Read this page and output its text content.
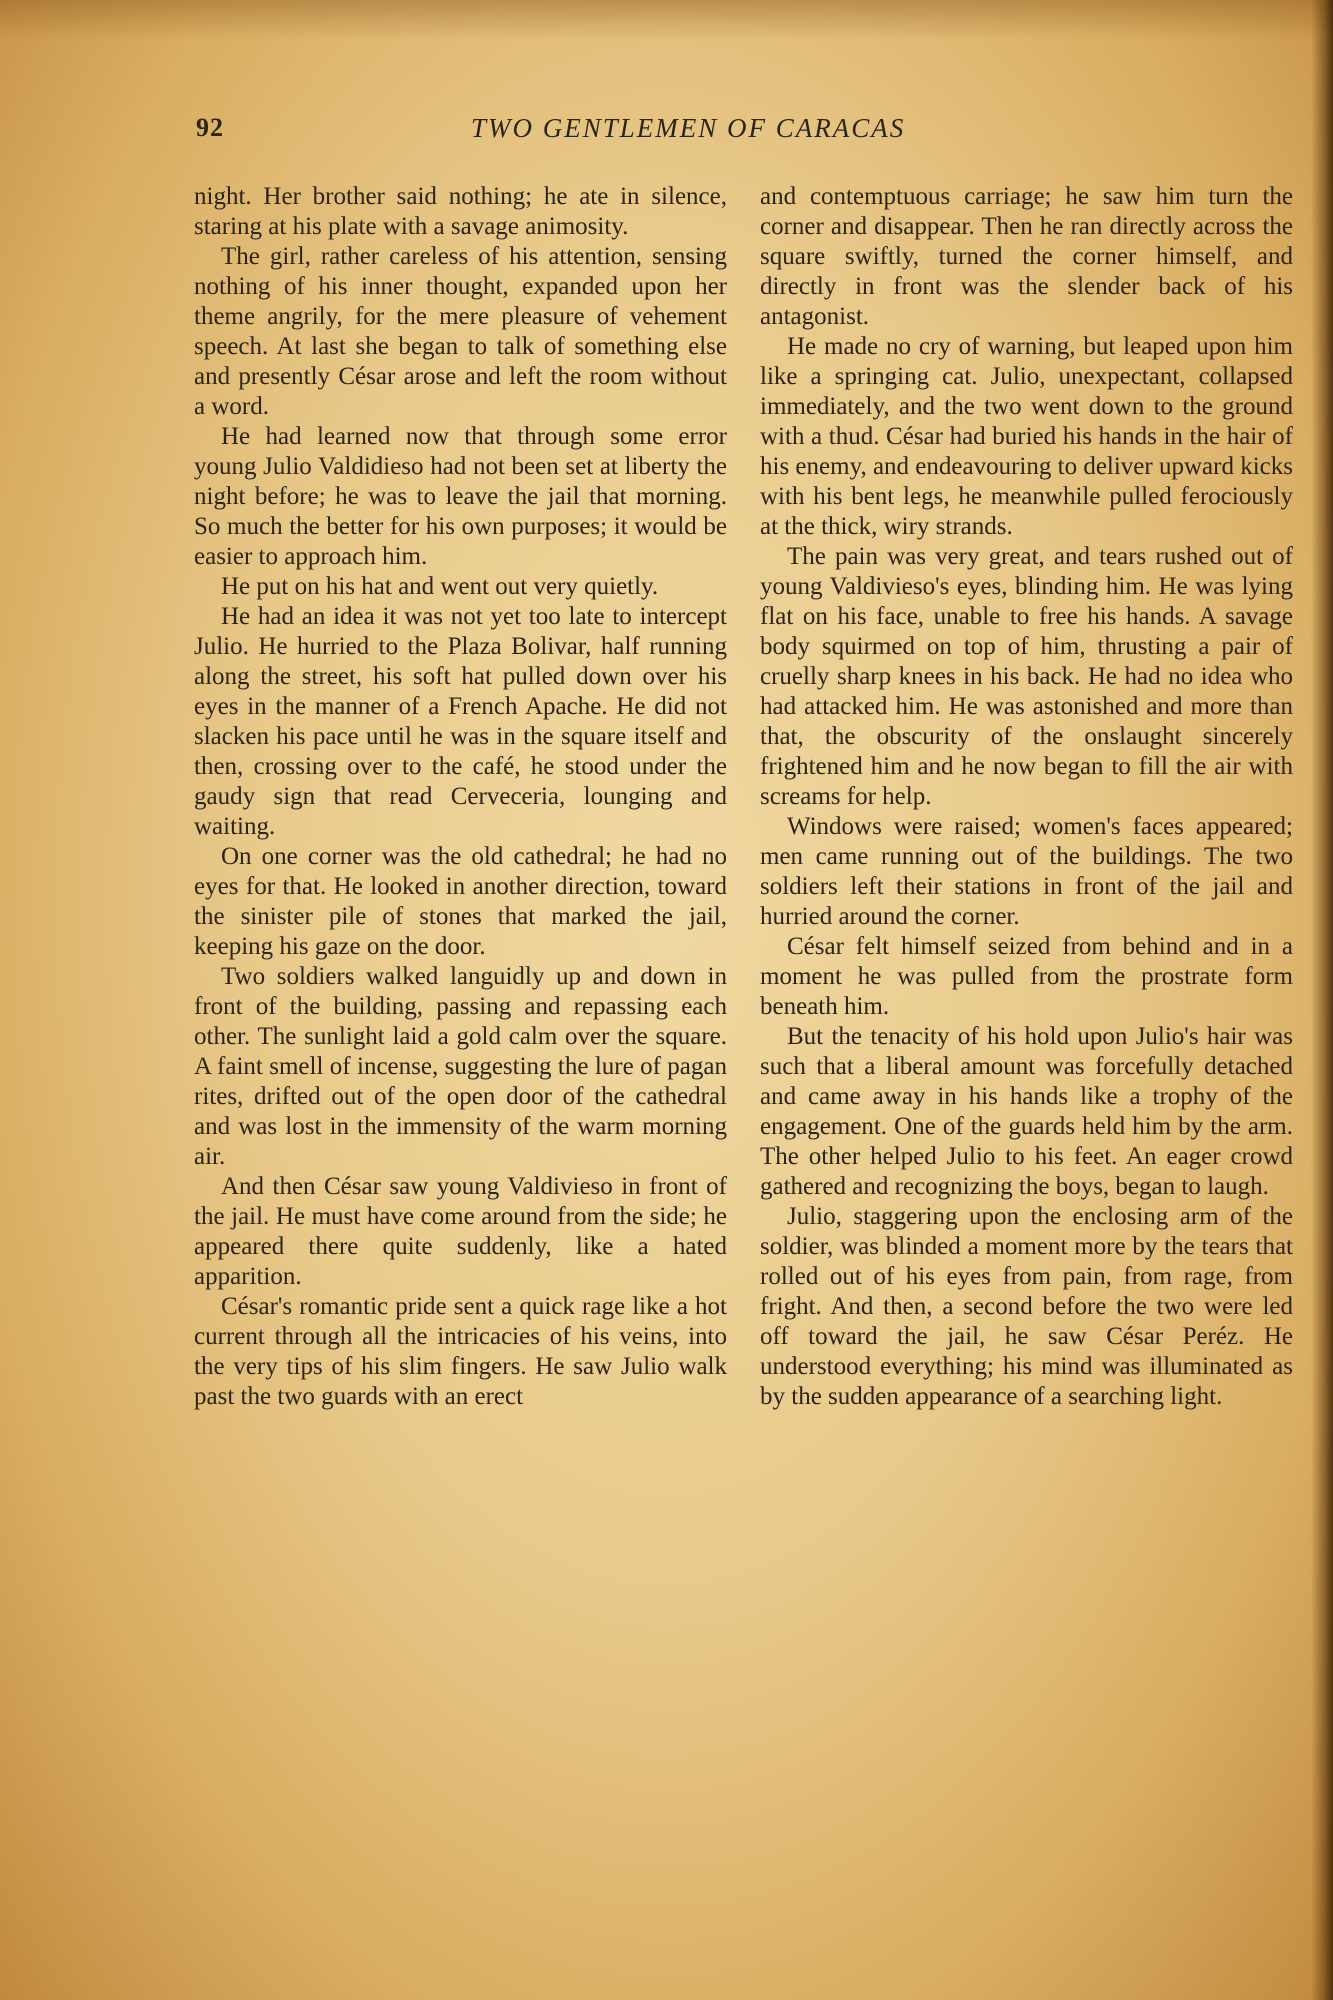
92	TWO GENTLEMEN OF CARACAS

night. Her brother said nothing; he ate in silence, staring at his plate with a savage animosity.

The girl, rather careless of his attention, sensing nothing of his inner thought, expanded upon her theme angrily, for the mere pleasure of vehement speech. At last she began to talk of something else and presently César arose and left the room without a word.

He had learned now that through some error young Julio Valdidieso had not been set at liberty the night before; he was to leave the jail that morning. So much the better for his own purposes; it would be easier to approach him.

He put on his hat and went out very quietly.

He had an idea it was not yet too late to intercept Julio. He hurried to the Plaza Bolivar, half running along the street, his soft hat pulled down over his eyes in the manner of a French Apache. He did not slacken his pace until he was in the square itself and then, crossing over to the café, he stood under the gaudy sign that read Cerveceria, lounging and waiting.

On one corner was the old cathedral; he had no eyes for that. He looked in another direction, toward the sinister pile of stones that marked the jail, keeping his gaze on the door.

Two soldiers walked languidly up and down in front of the building, passing and repassing each other. The sunlight laid a gold calm over the square. A faint smell of incense, suggesting the lure of pagan rites, drifted out of the open door of the cathedral and was lost in the immensity of the warm morning air.

And then César saw young Valdivieso in front of the jail. He must have come around from the side; he appeared there quite suddenly, like a hated apparition.

César's romantic pride sent a quick rage like a hot current through all the intricacies of his veins, into the very tips of his slim fingers. He saw Julio walk past the two guards with an erect

and contemptuous carriage; he saw him turn the corner and disappear. Then he ran directly across the square swiftly, turned the corner himself, and directly in front was the slender back of his antagonist.

He made no cry of warning, but leaped upon him like a springing cat. Julio, unexpectant, collapsed immediately, and the two went down to the ground with a thud. César had buried his hands in the hair of his enemy, and endeavouring to deliver upward kicks with his bent legs, he meanwhile pulled ferociously at the thick, wiry strands.

The pain was very great, and tears rushed out of young Valdivieso's eyes, blinding him. He was lying flat on his face, unable to free his hands. A savage body squirmed on top of him, thrusting a pair of cruelly sharp knees in his back. He had no idea who had attacked him. He was astonished and more than that, the obscurity of the onslaught sincerely frightened him and he now began to fill the air with screams for help.

Windows were raised; women's faces appeared; men came running out of the buildings. The two soldiers left their stations in front of the jail and hurried around the corner.

César felt himself seized from behind and in a moment he was pulled from the prostrate form beneath him.

But the tenacity of his hold upon Julio's hair was such that a liberal amount was forcefully detached and came away in his hands like a trophy of the engagement. One of the guards held him by the arm. The other helped Julio to his feet. An eager crowd gathered and recognizing the boys, began to laugh.

Julio, staggering upon the enclosing arm of the soldier, was blinded a moment more by the tears that rolled out of his eyes from pain, from rage, from fright. And then, a second before the two were led off toward the jail, he saw César Peréz. He understood everything; his mind was illuminated as by the sudden appearance of a searching light.
